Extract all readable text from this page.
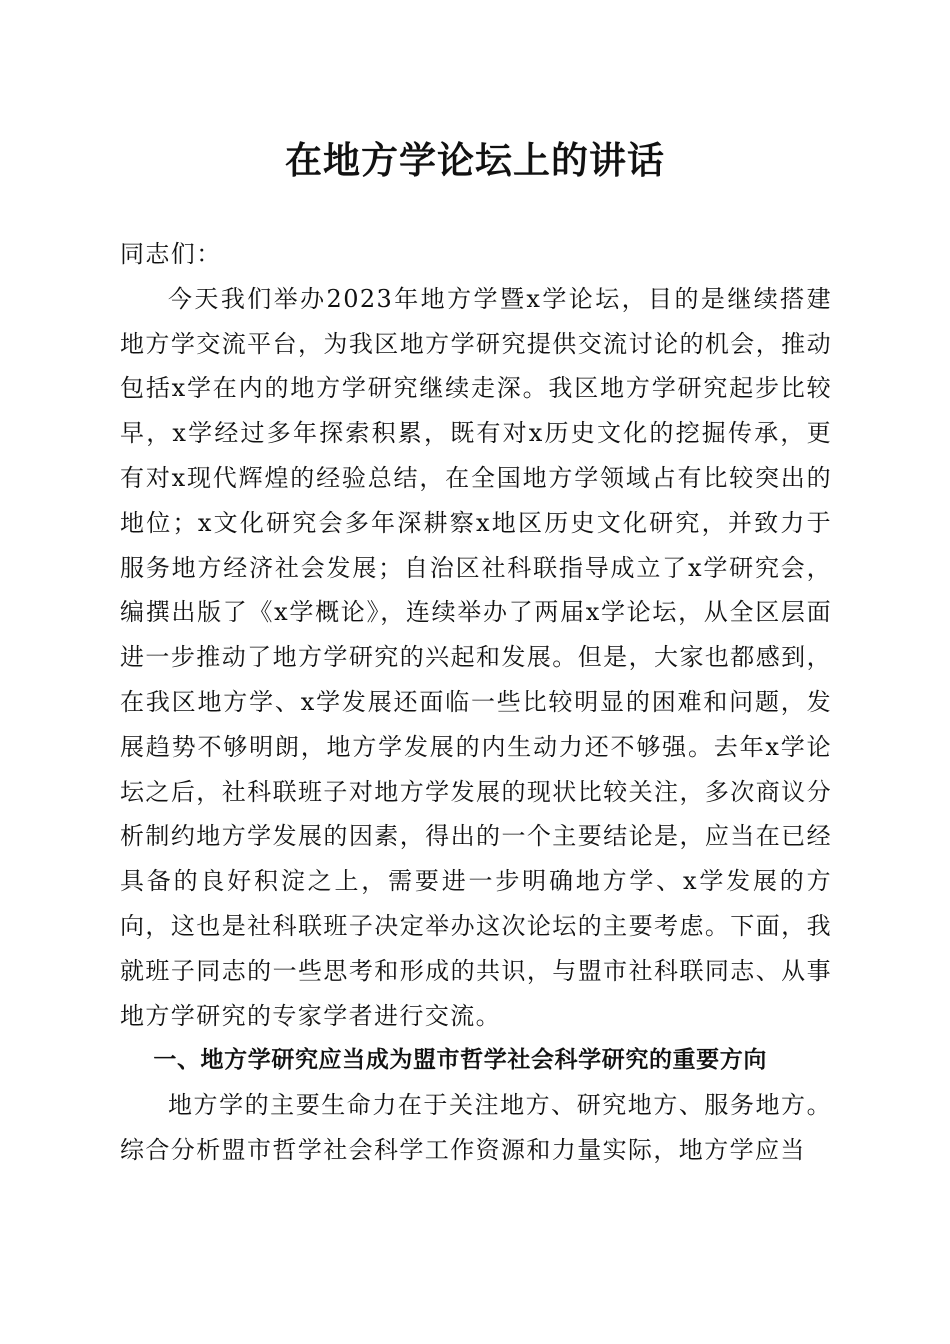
在地方学论坛上的讲话

同志们：

今天我们举办2023年地方学暨x学论坛，目的是继续搭建地方学交流平台，为我区地方学研究提供交流讨论的机会，推动包括x学在内的地方学研究继续走深。我区地方学研究起步比较早，x学经过多年探索积累，既有对x历史文化的挖掘传承，更有对x现代辉煌的经验总结，在全国地方学领域占有比较突出的地位；x文化研究会多年深耕察x地区历史文化研究，并致力于服务地方经济社会发展；自治区社科联指导成立了x学研究会，编撰出版了《x学概论》，连续举办了两届x学论坛，从全区层面进一步推动了地方学研究的兴起和发展。但是，大家也都感到，在我区地方学、x学发展还面临一些比较明显的困难和问题，发展趋势不够明朗，地方学发展的内生动力还不够强。去年x学论坛之后，社科联班子对地方学发展的现状比较关注，多次商议分析制约地方学发展的因素，得出的一个主要结论是，应当在已经具备的良好积淀之上，需要进一步明确地方学、x学发展的方向，这也是社科联班子决定举办这次论坛的主要考虑。下面，我就班子同志的一些思考和形成的共识，与盟市社科联同志、从事地方学研究的专家学者进行交流。

一、地方学研究应当成为盟市哲学社会科学研究的重要方向

地方学的主要生命力在于关注地方、研究地方、服务地方。综合分析盟市哲学社会科学工作资源和力量实际，地方学应当
